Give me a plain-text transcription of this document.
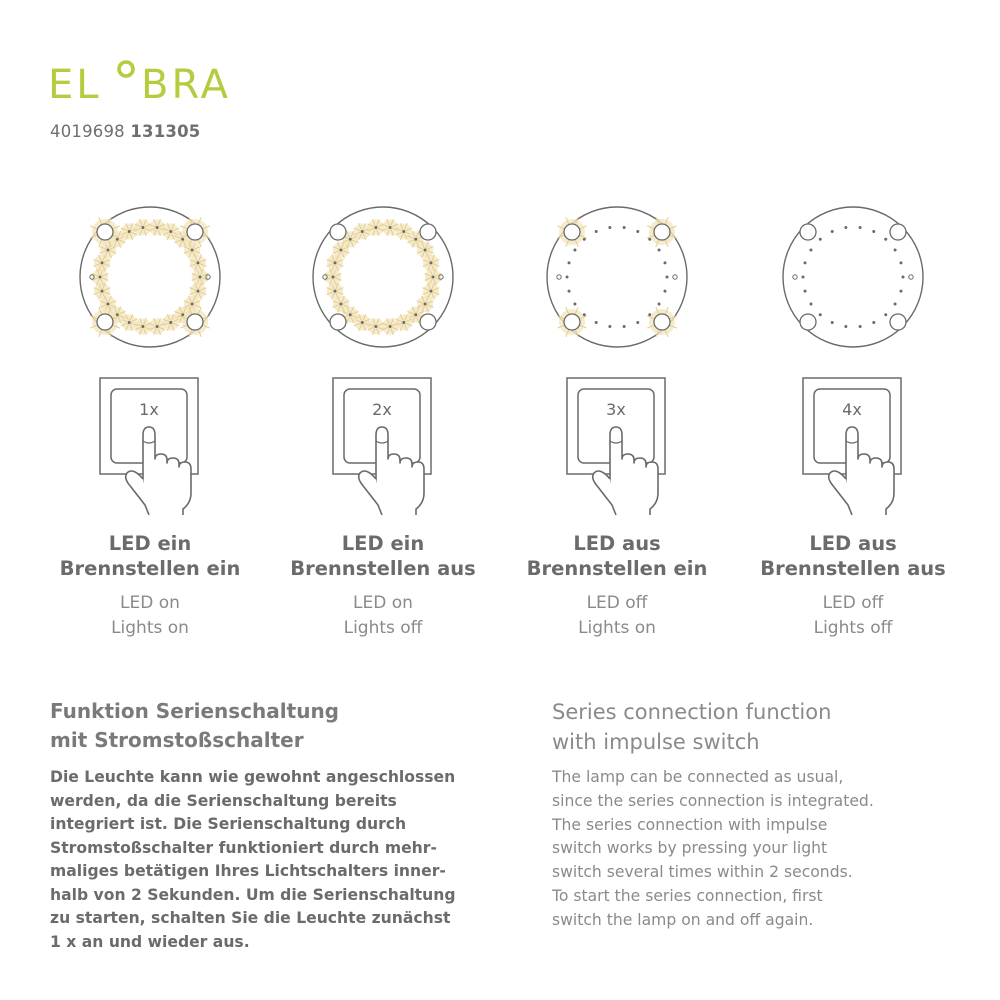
EL BRA
4019698 131305
1x
LED ein
Brennstellen ein
LED on
Lights on
2x
LED ein
Brennstellen aus
LED on
Lights off
3x
LED aus
Brennstellen ein
LED off
Lights on
4x
LED aus
Brennstellen aus
LED off
Lights off
Funktion Serienschaltung
mit Stromstoßschalter
Die Leuchte kann wie gewohnt angeschlossen
werden, da die Serienschaltung bereits
integriert ist. Die Serienschaltung durch
Stromstoßschalter funktioniert durch mehr-
maliges betätigen Ihres Lichtschalters inner-
halb von 2 Sekunden. Um die Serienschaltung
zu starten, schalten Sie die Leuchte zunächst
1 x an und wieder aus.
Series connection function
with impulse switch
The lamp can be connected as usual,
since the series connection is integrated.
The series connection with impulse
switch works by pressing your light
switch several times within 2 seconds.
To start the series connection, first
switch the lamp on and off again.
